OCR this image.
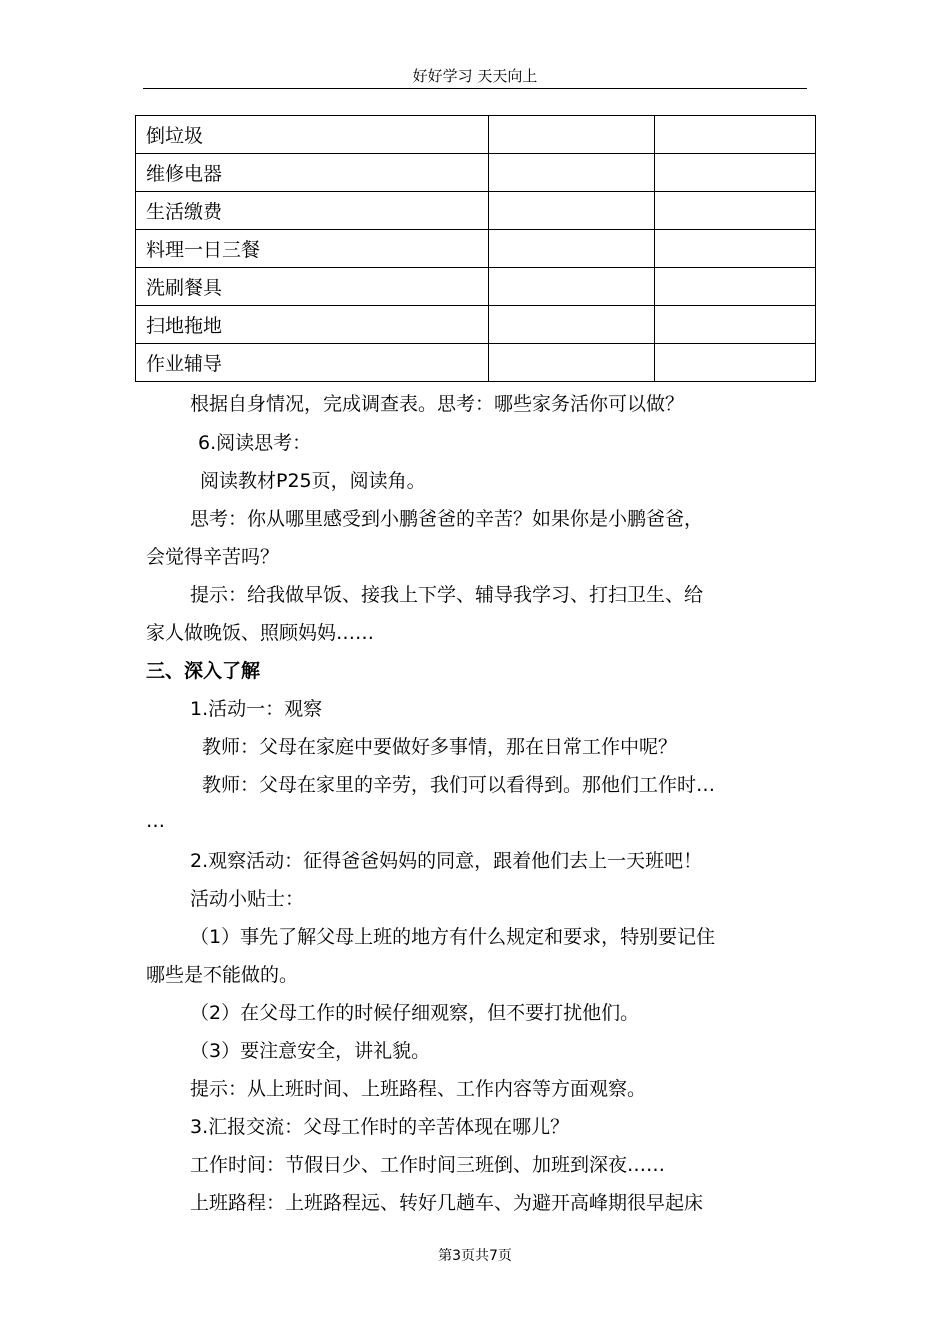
好好学习 天天向上
倒垃圾		
维修电器		
生活缴费		
料理一日三餐		
洗刷餐具		
扫地拖地		
作业辅导		
根据自身情况，完成调查表。思考：哪些家务活你可以做？
6.阅读思考：
阅读教材P25页，阅读角。
思考：你从哪里感受到小鹏爸爸的辛苦？如果你是小鹏爸爸，
会觉得辛苦吗？
提示：给我做早饭、接我上下学、辅导我学习、打扫卫生、给
家人做晚饭、照顾妈妈……
三、深入了解
1.活动一：观察
教师：父母在家庭中要做好多事情，那在日常工作中呢？
教师：父母在家里的辛劳，我们可以看得到。那他们工作时…
…
2.观察活动：征得爸爸妈妈的同意，跟着他们去上一天班吧！
活动小贴士：
（1）事先了解父母上班的地方有什么规定和要求，特别要记住
哪些是不能做的。
（2）在父母工作的时候仔细观察，但不要打扰他们。
（3）要注意安全，讲礼貌。
提示：从上班时间、上班路程、工作内容等方面观察。
3.汇报交流：父母工作时的辛苦体现在哪儿？
工作时间：节假日少、工作时间三班倒、加班到深夜……
上班路程：上班路程远、转好几趟车、为避开高峰期很早起床
第3页共7页
